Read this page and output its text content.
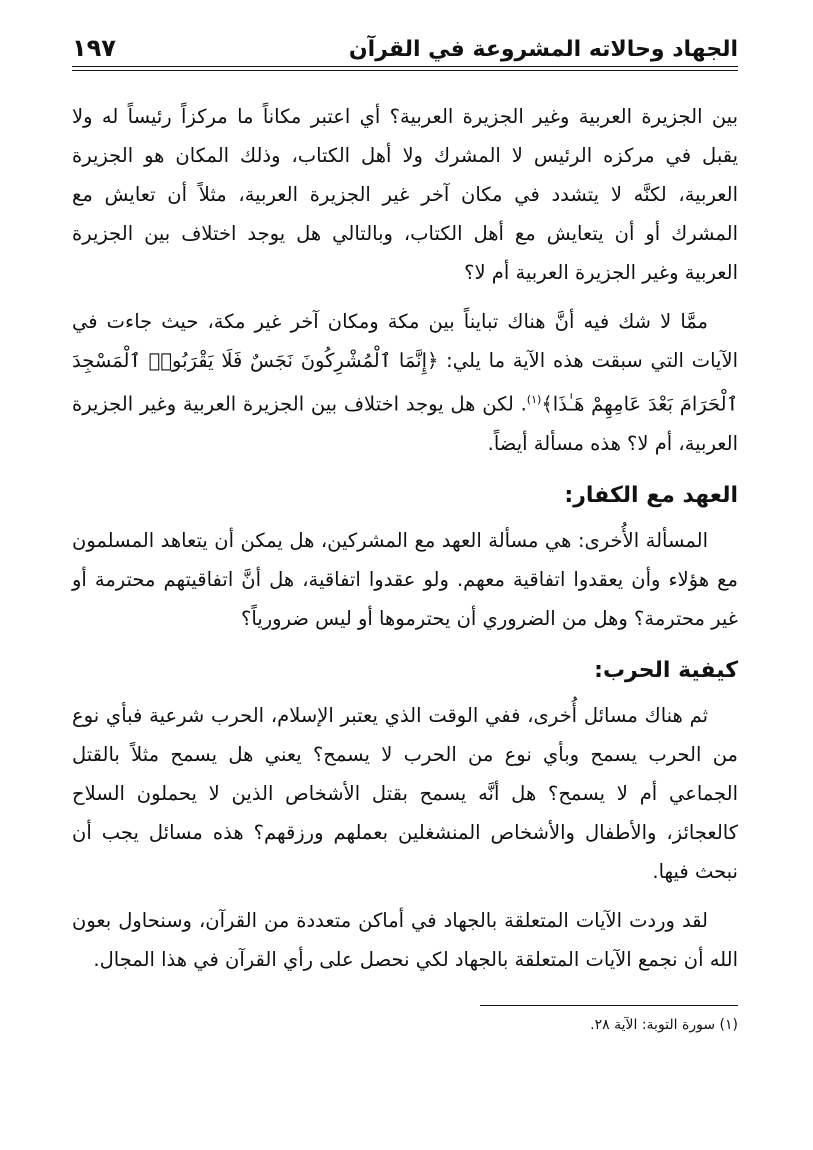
الجهاد وحالاته المشروعة في القرآن
١٩٧

بين الجزيرة العربية وغير الجزيرة العربية؟ أي اعتبر مكاناً ما مركزاً رئيساً له ولا يقبل في مركزه الرئيس لا المشرك ولا أهل الكتاب، وذلك المكان هو الجزيرة العربية، لكنَّه لا يتشدد في مكان آخر غير الجزيرة العربية، مثلاً أن تعايش مع المشرك أو أن يتعايش مع أهل الكتاب، وبالتالي هل يوجد اختلاف بين الجزيرة العربية وغير الجزيرة العربية أم لا؟

ممَّا لا شك فيه أنَّ هناك تبايناً بين مكة ومكان آخر غير مكة، حيث جاءت في الآيات التي سبقت هذه الآية ما يلي: ﴿إِنَّمَا ٱلْمُشْرِكُونَ نَجَسٌ فَلَا يَقْرَبُوا۟ ٱلْمَسْجِدَ ٱلْحَرَامَ بَعْدَ عَامِهِمْ هَـٰذَا﴾$^{(١)}$. لكن هل يوجد اختلاف بين الجزيرة العربية وغير الجزيرة العربية، أم لا؟ هذه مسألة أيضاً.

العهد مع الكفار:

المسألة الأُخرى: هي مسألة العهد مع المشركين، هل يمكن أن يتعاهد المسلمون مع هؤلاء وأن يعقدوا اتفاقية معهم. ولو عقدوا اتفاقية، هل أنَّ اتفاقيتهم محترمة أو غير محترمة؟ وهل من الضروري أن يحترموها أو ليس ضرورياً؟

كيفية الحرب:

ثم هناك مسائل أُخرى، ففي الوقت الذي يعتبر الإسلام، الحرب شرعية فبأي نوع من الحرب يسمح وبأي نوع من الحرب لا يسمح؟ يعني هل يسمح مثلاً بالقتل الجماعي أم لا يسمح؟ هل أنَّه يسمح بقتل الأشخاص الذين لا يحملون السلاح كالعجائز، والأطفال والأشخاص المنشغلين بعملهم ورزقهم؟ هذه مسائل يجب أن نبحث فيها.

لقد وردت الآيات المتعلقة بالجهاد في أماكن متعددة من القرآن، وسنحاول بعون الله أن نجمع الآيات المتعلقة بالجهاد لكي نحصل على رأي القرآن في هذا المجال.

(١) سورة التوبة: الآية ٢٨.
